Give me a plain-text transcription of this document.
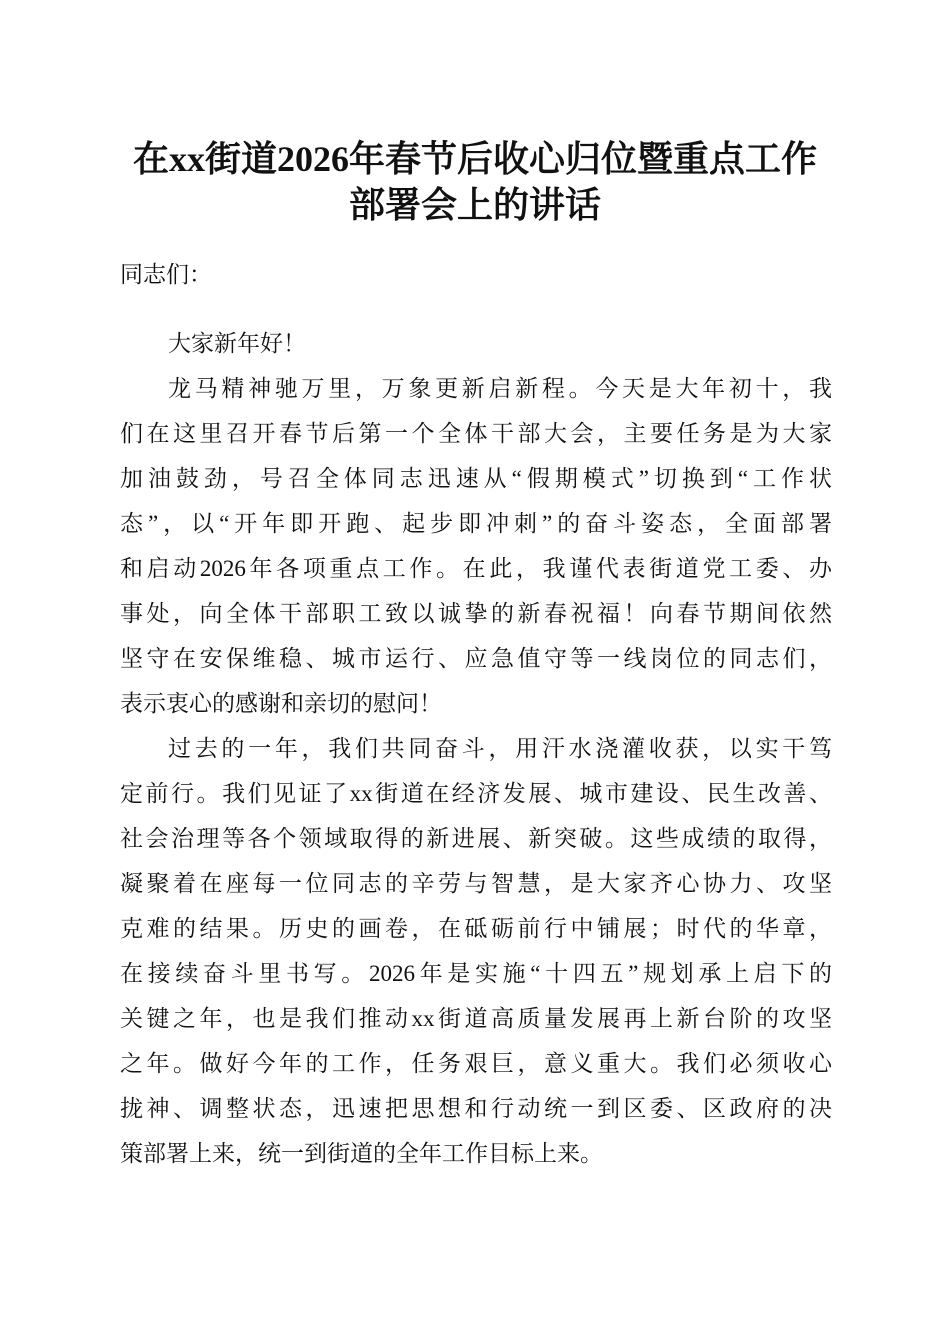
在xx街道2026年春节后收心归位暨重点工作
部署会上的讲话
同志们：
大家新年好！
龙马精神驰万里，万象更新启新程。今天是大年初十，我
们在这里召开春节后第一个全体干部大会，主要任务是为大家
加油鼓劲，号召全体同志迅速从“假期模式”切换到“工作状
态”，以“开年即开跑、起步即冲刺”的奋斗姿态，全面部署
和启动2026年各项重点工作。在此，我谨代表街道党工委、办
事处，向全体干部职工致以诚挚的新春祝福！向春节期间依然
坚守在安保维稳、城市运行、应急值守等一线岗位的同志们，
表示衷心的感谢和亲切的慰问！
过去的一年，我们共同奋斗，用汗水浇灌收获，以实干笃
定前行。我们见证了xx街道在经济发展、城市建设、民生改善、
社会治理等各个领域取得的新进展、新突破。这些成绩的取得，
凝聚着在座每一位同志的辛劳与智慧，是大家齐心协力、攻坚
克难的结果。历史的画卷，在砥砺前行中铺展；时代的华章，
在接续奋斗里书写。2026年是实施“十四五”规划承上启下的
关键之年，也是我们推动xx街道高质量发展再上新台阶的攻坚
之年。做好今年的工作，任务艰巨，意义重大。我们必须收心
拢神、调整状态，迅速把思想和行动统一到区委、区政府的决
策部署上来，统一到街道的全年工作目标上来。
